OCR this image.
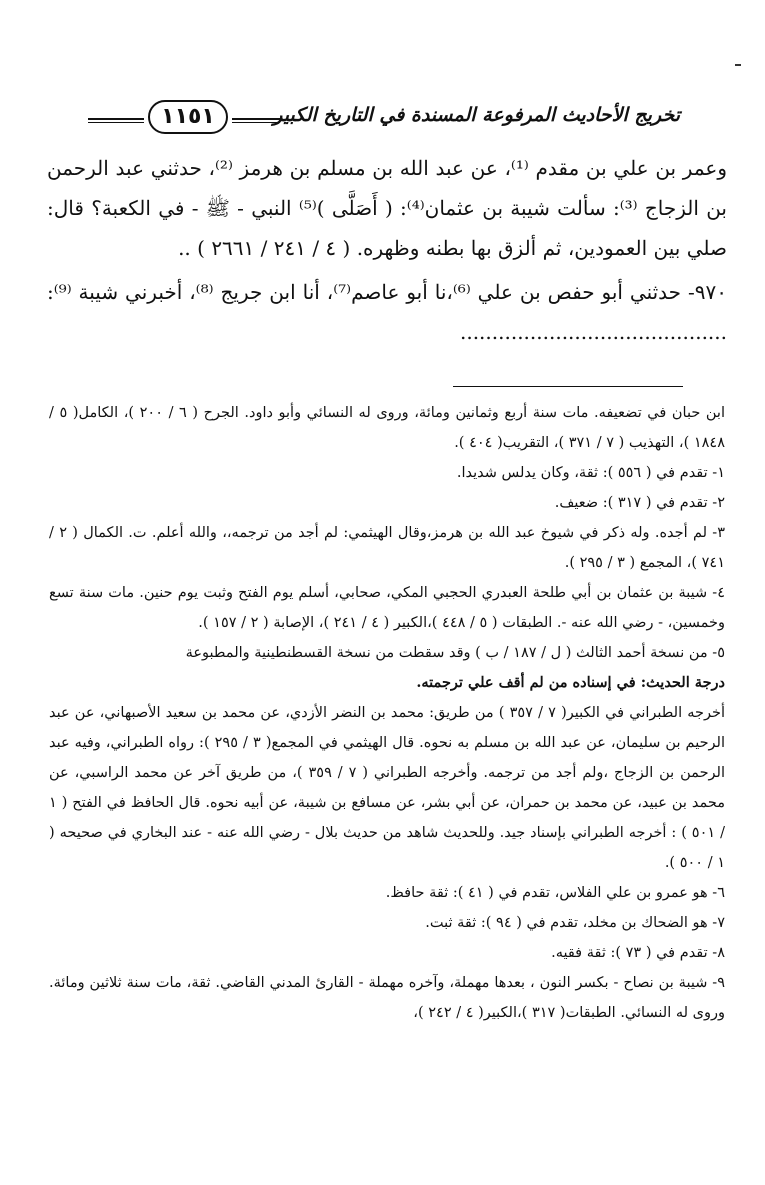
تخريج الأحاديث المرفوعة المسندة في التاريخ الكبير
١١٥١

وعمر بن علي بن مقدم ⁽¹⁾، عن عبد الله بن مسلم بن هرمز ⁽²⁾، حدثني عبد الرحمن بن الزجاج ⁽³⁾: سألت شيبة بن عثمان⁽⁴⁾: ( أَصَلَّى )⁽⁵⁾ النبي - ﷺ - في الكعبة؟ قال: صلي بين العمودين، ثم ألزق بها بطنه وظهره. ( ٤ / ٢٤١ / ٢٦٦١ ) ..

٩٧٠- حدثني أبو حفص بن علي ⁽⁶⁾،نا أبو عاصم⁽⁷⁾، أنا ابن جريج ⁽⁸⁾، أخبرني شيبة ⁽⁹⁾: ..........................................

ابن حبان في تضعيفه. مات سنة أربع وثمانين ومائة، وروى له النسائي وأبو داود. الجرح ( ٦ / ٢٠٠ )، الكامل( ٥ / ١٨٤٨ )، التهذيب ( ٧ / ٣٧١ )، التقريب( ٤٠٤ ).

١- تقدم في ( ٥٥٦ ): ثقة، وكان يدلس شديدا.

٢- تقدم في ( ٣١٧ ): ضعيف.

٣- لم أجده. وله ذكر في شيوخ عبد الله بن هرمز،وقال الهيثمي: لم أجد من ترجمه،، والله أعلم. ت. الكمال ( ٢ / ٧٤١ )، المجمع ( ٣ / ٢٩٥ ).

٤- شيبة بن عثمان بن أبي طلحة العبدري الحجبي المكي، صحابي، أسلم يوم الفتح وثبت يوم حنين. مات سنة تسع وخمسين، - رضي الله عنه -. الطبقات ( ٥ / ٤٤٨ )،الكبير ( ٤ / ٢٤١ )، الإصابة ( ٢ / ١٥٧ ).

٥- من نسخة أحمد الثالث ( ل / ١٨٧ / ب ) وقد سقطت من نسخة القسطنطينية والمطبوعة

درجة الحديث: في إسناده من لم أقف علي ترجمته.

أخرجه الطبراني في الكبير( ٧ / ٣٥٧ ) من طريق: محمد بن النضر الأزدي، عن محمد بن سعيد الأصبهاني، عن عبد الرحيم بن سليمان، عن عبد الله بن مسلم به نحوه. قال الهيثمي في المجمع( ٣ / ٢٩٥ ): رواه الطبراني، وفيه عبد الرحمن بن الزجاج ،ولم أجد من ترجمه. وأخرجه الطبراني ( ٧ / ٣٥٩ )، من طريق آخر عن محمد الراسبي، عن محمد بن عبيد، عن محمد بن حمران، عن أبي بشر، عن مسافع بن شيبة، عن أبيه نحوه. قال الحافظ في الفتح ( ١ / ٥٠١ ) : أخرجه الطبراني بإسناد جيد. وللحديث شاهد من حديث بلال - رضي الله عنه - عند البخاري في صحيحه ( ١ / ٥٠٠ ).

٦- هو عمرو بن علي الفلاس، تقدم في ( ٤١ ): ثقة حافظ.

٧- هو الضحاك بن مخلد، تقدم في ( ٩٤ ): ثقة ثبت.

٨- تقدم في ( ٧٣ ): ثقة فقيه.

٩- شيبة بن نصاح - بكسر النون ، بعدها مهملة، وآخره مهملة - القارئ المدني القاضي. ثقة، مات سنة ثلاثين ومائة. وروى له النسائي. الطبقات( ٣١٧ )،الكبير( ٤ / ٢٤٢ )،
